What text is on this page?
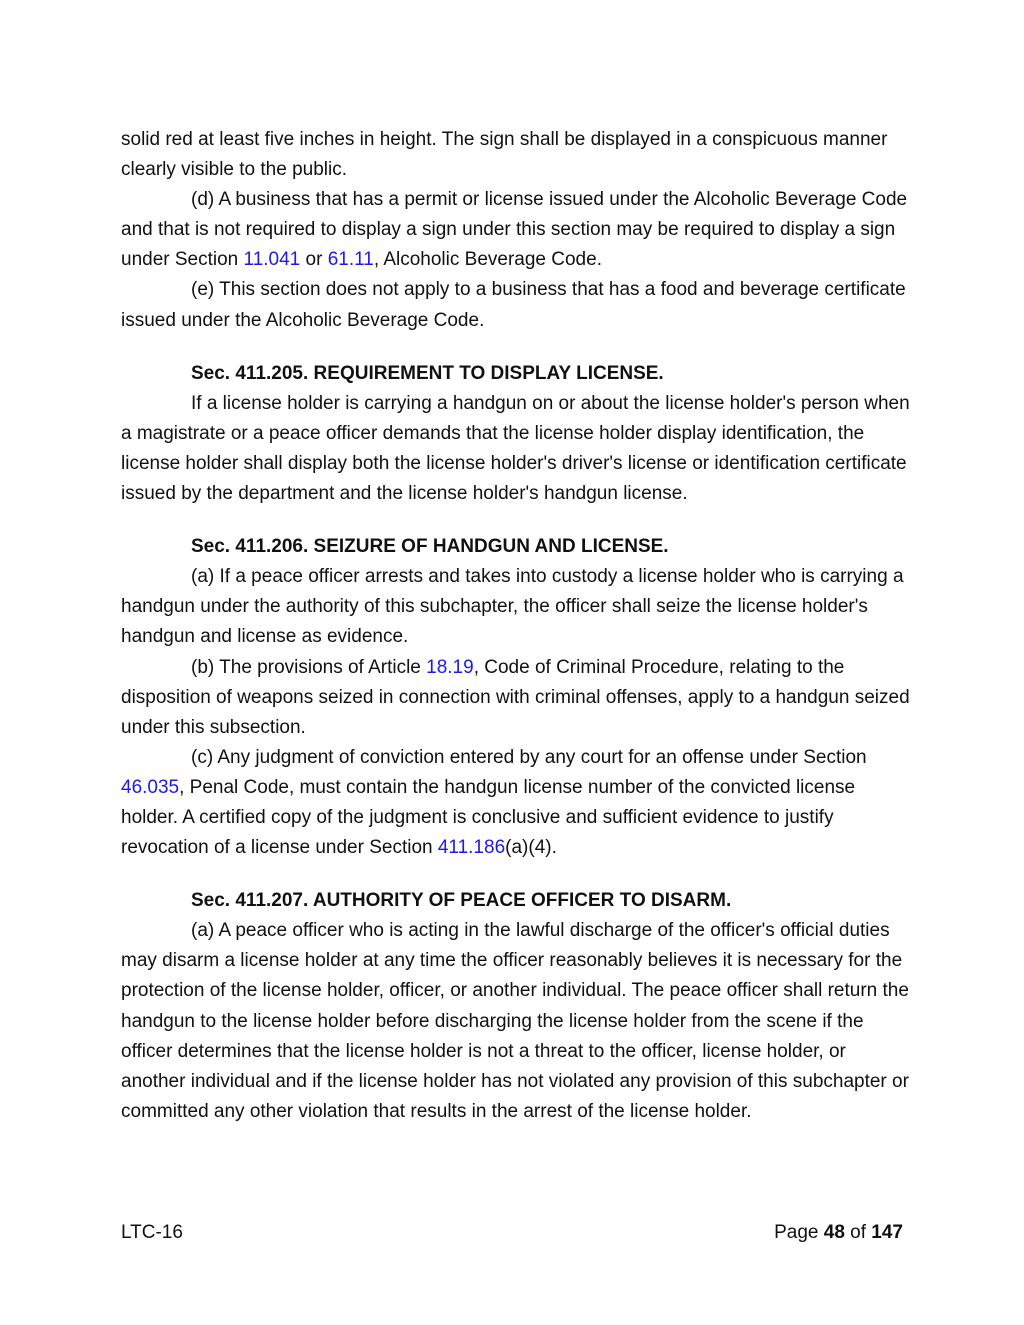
solid red at least five inches in height. The sign shall be displayed in a conspicuous manner clearly visible to the public.

(d) A business that has a permit or license issued under the Alcoholic Beverage Code and that is not required to display a sign under this section may be required to display a sign under Section 11.041 or 61.11, Alcoholic Beverage Code.

(e) This section does not apply to a business that has a food and beverage certificate issued under the Alcoholic Beverage Code.

Sec. 411.205. REQUIREMENT TO DISPLAY LICENSE.

If a license holder is carrying a handgun on or about the license holder's person when a magistrate or a peace officer demands that the license holder display identification, the license holder shall display both the license holder's driver's license or identification certificate issued by the department and the license holder's handgun license.

Sec. 411.206. SEIZURE OF HANDGUN AND LICENSE.

(a) If a peace officer arrests and takes into custody a license holder who is carrying a handgun under the authority of this subchapter, the officer shall seize the license holder's handgun and license as evidence.

(b) The provisions of Article 18.19, Code of Criminal Procedure, relating to the disposition of weapons seized in connection with criminal offenses, apply to a handgun seized under this subsection.

(c) Any judgment of conviction entered by any court for an offense under Section 46.035, Penal Code, must contain the handgun license number of the convicted license holder. A certified copy of the judgment is conclusive and sufficient evidence to justify revocation of a license under Section 411.186(a)(4).

Sec. 411.207. AUTHORITY OF PEACE OFFICER TO DISARM.

(a) A peace officer who is acting in the lawful discharge of the officer's official duties may disarm a license holder at any time the officer reasonably believes it is necessary for the protection of the license holder, officer, or another individual. The peace officer shall return the handgun to the license holder before discharging the license holder from the scene if the officer determines that the license holder is not a threat to the officer, license holder, or another individual and if the license holder has not violated any provision of this subchapter or committed any other violation that results in the arrest of the license holder.

LTC-16	Page 48 of 147
